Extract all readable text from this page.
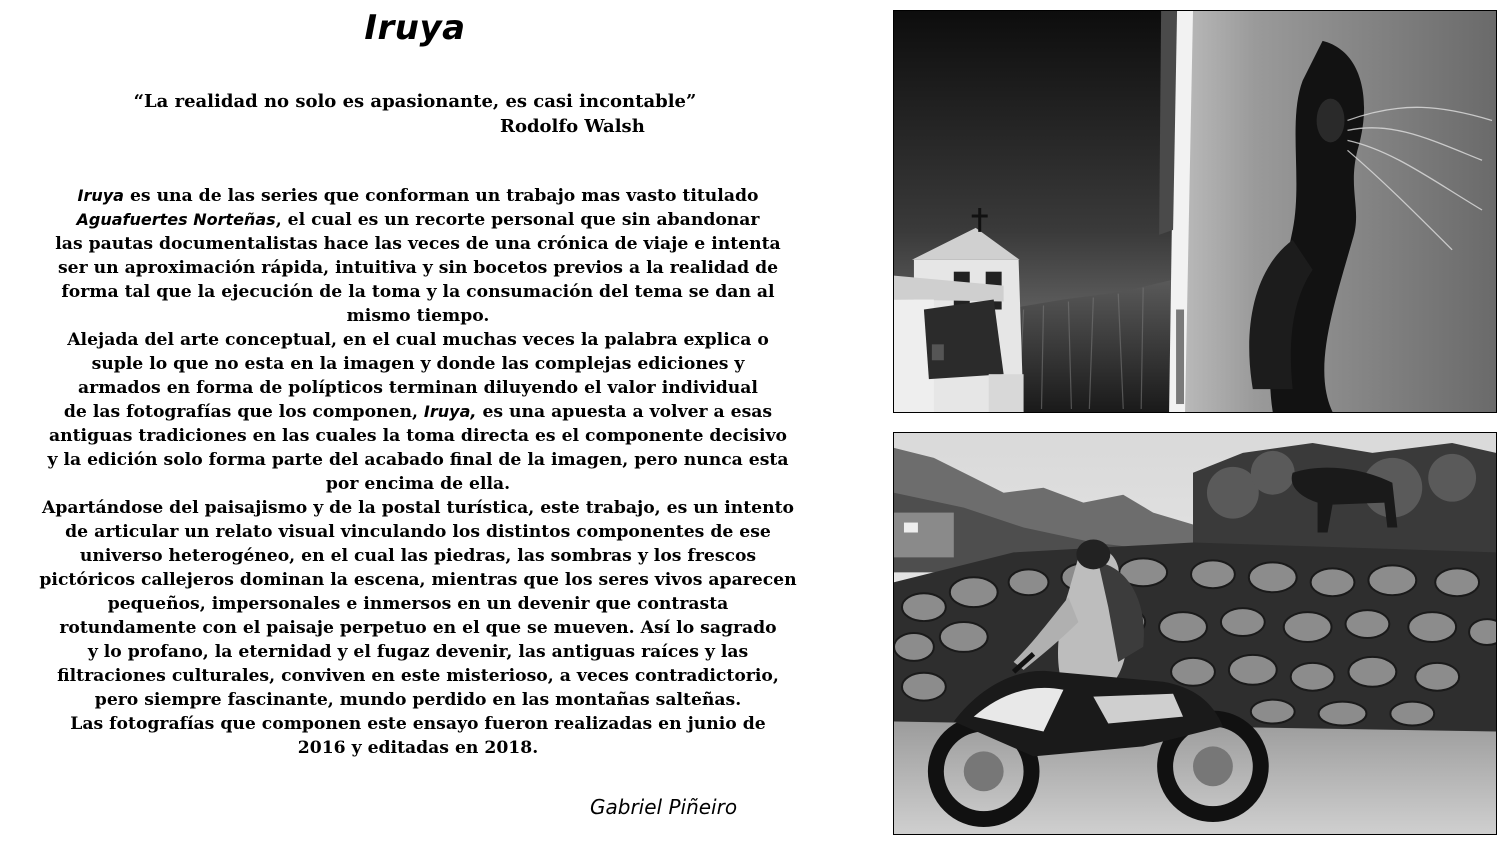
Iruya
“La realidad no solo es apasionante, es casi incontable”
Rodolfo Walsh
Iruya es una de las series que conforman un trabajo mas vasto titulado
Aguafuertes Norteñas, el cual es un recorte personal que sin abandonar
las pautas documentalistas hace las veces de una crónica de viaje e intenta
ser un aproximación rápida, intuitiva y sin bocetos previos a la realidad de
forma tal que la ejecución de la toma y la consumación del tema se dan al
mismo tiempo.
Alejada del arte conceptual, en el cual muchas veces la palabra explica o
suple lo que no esta en la imagen y donde las complejas ediciones y
armados en forma de polípticos terminan diluyendo el valor individual
de las fotografías que los componen, Iruya, es una apuesta a volver a esas
antiguas tradiciones en las cuales la toma directa es el componente decisivo
y la edición solo forma parte del acabado final de la imagen, pero nunca esta
por encima de ella.
Apartándose del paisajismo y de la postal turística, este trabajo, es un intento
de articular un relato visual vinculando los distintos componentes de ese
universo heterogéneo, en el cual las piedras, las sombras y los frescos
pictóricos callejeros dominan la escena, mientras que los seres vivos aparecen
pequeños, impersonales e inmersos en un devenir que contrasta
rotundamente con el paisaje perpetuo en el que se mueven. Así lo sagrado
y lo profano, la eternidad y el fugaz devenir, las antiguas raíces y las
filtraciones culturales, conviven en este misterioso, a veces contradictorio,
pero siempre fascinante, mundo perdido en las montañas salteñas.
Las fotografías que componen este ensayo fueron realizadas en junio de
2016 y editadas en 2018.
Gabriel Piñeiro
